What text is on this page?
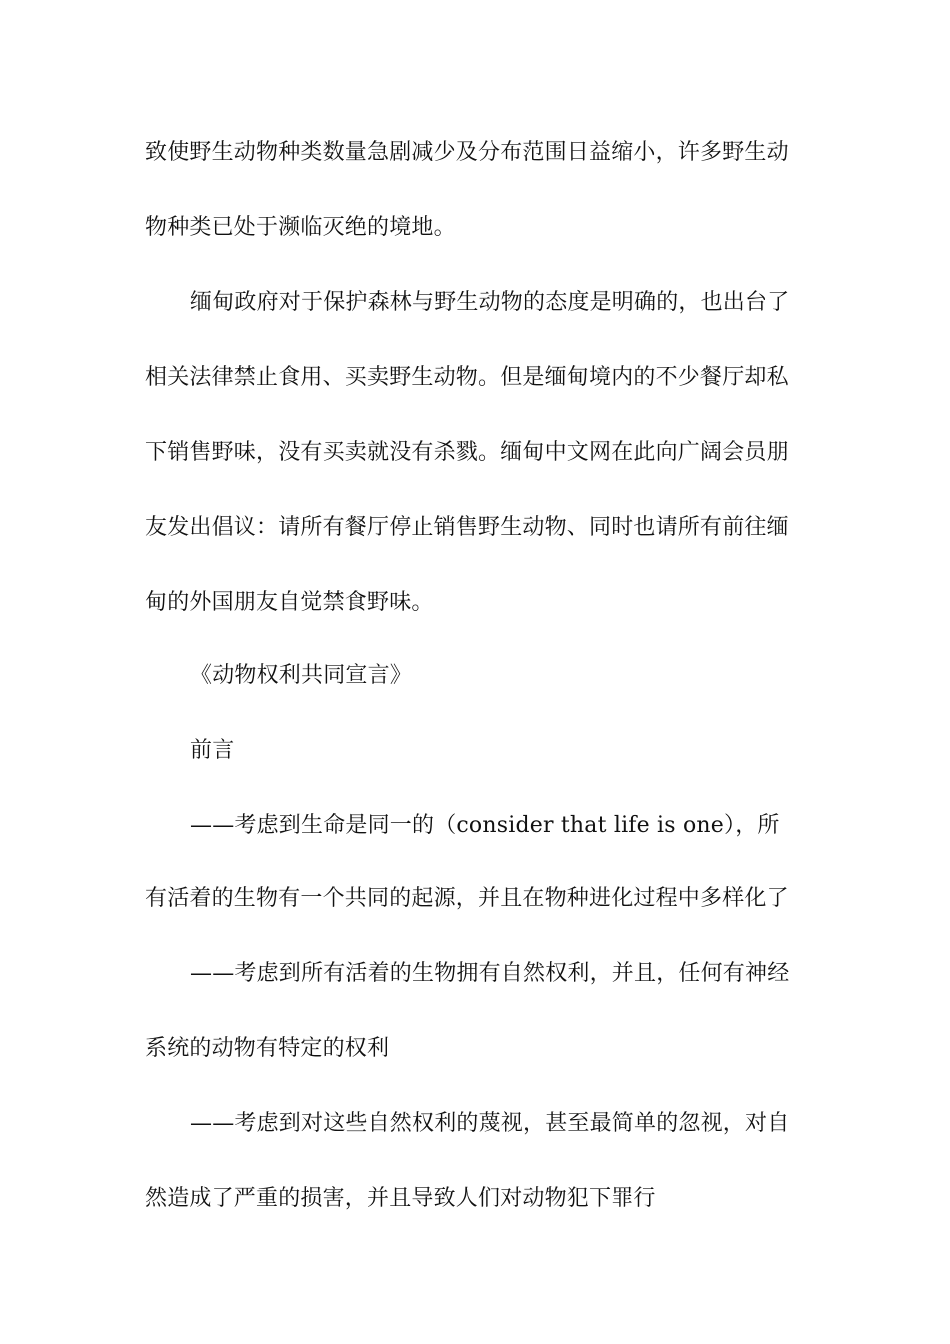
致使野生动物种类数量急剧减少及分布范围日益缩小，许多野生动
物种类已处于濒临灭绝的境地。
缅甸政府对于保护森林与野生动物的态度是明确的，也出台了
相关法律禁止食用、买卖野生动物。但是缅甸境内的不少餐厅却私
下销售野味，没有买卖就没有杀戮。缅甸中文网在此向广阔会员朋
友发出倡议：请所有餐厅停止销售野生动物、同时也请所有前往缅
甸的外国朋友自觉禁食野味。
《动物权利共同宣言》
前言
——考虑到生命是同一的（consider that life is one），所
有活着的生物有一个共同的起源，并且在物种进化过程中多样化了
——考虑到所有活着的生物拥有自然权利，并且，任何有神经
系统的动物有特定的权利
——考虑到对这些自然权利的蔑视，甚至最简单的忽视，对自
然造成了严重的损害，并且导致人们对动物犯下罪行
